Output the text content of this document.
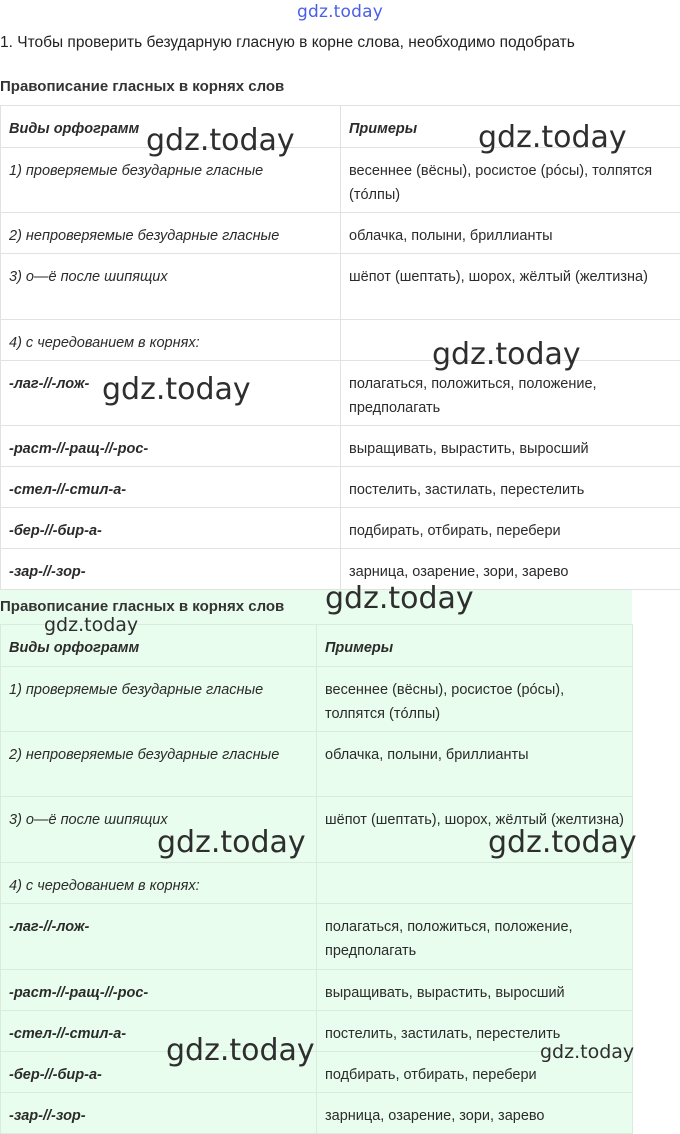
gdz.today
1. Чтобы проверить безударную гласную в корне слова, необходимо подобрать
Правописание гласных в корнях слов
Виды орфограмм	Примеры
1) проверяемые безударные гласные	весеннее (вёсны), росистое (рóсы), толпятся (тóлпы)
2) непроверяемые безударные гласные	облачка, полыни, бриллианты
3) о—ё после шипящих	шёпот (шептать), шорох, жёлтый (желтизна)
4) с чередованием в корнях:	
-лаг-//-лож-	полагаться, положиться, положение, предполагать
-раст-//-ращ-//-рос-	выращивать, вырастить, выросший
-стел-//-стил-а-	постелить, застилать, перестелить
-бер-//-бир-а-	подбирать, отбирать, перебери
-зар-//-зор-	зарница, озарение, зори, зарево
Правописание гласных в корнях слов
Виды орфограмм	Примеры
1) проверяемые безударные гласные	весеннее (вёсны), росистое (рóсы), толпятся (тóлпы)
2) непроверяемые безударные гласные	облачка, полыни, бриллианты
3) о—ё после шипящих	шёпот (шептать), шорох, жёлтый (желтизна)
4) с чередованием в корнях:	
-лаг-//-лож-	полагаться, положиться, положение, предполагать
-раст-//-ращ-//-рос-	выращивать, вырастить, выросший
-стел-//-стил-а-	постелить, застилать, перестелить
-бер-//-бир-а-	подбирать, отбирать, перебери
-зар-//-зор-	зарница, озарение, зори, зарево
gdz.today	gdz.today
gdz.today
gdz.today
gdz.today
gdz.today
gdz.today	gdz.today
gdz.today	gdz.today
